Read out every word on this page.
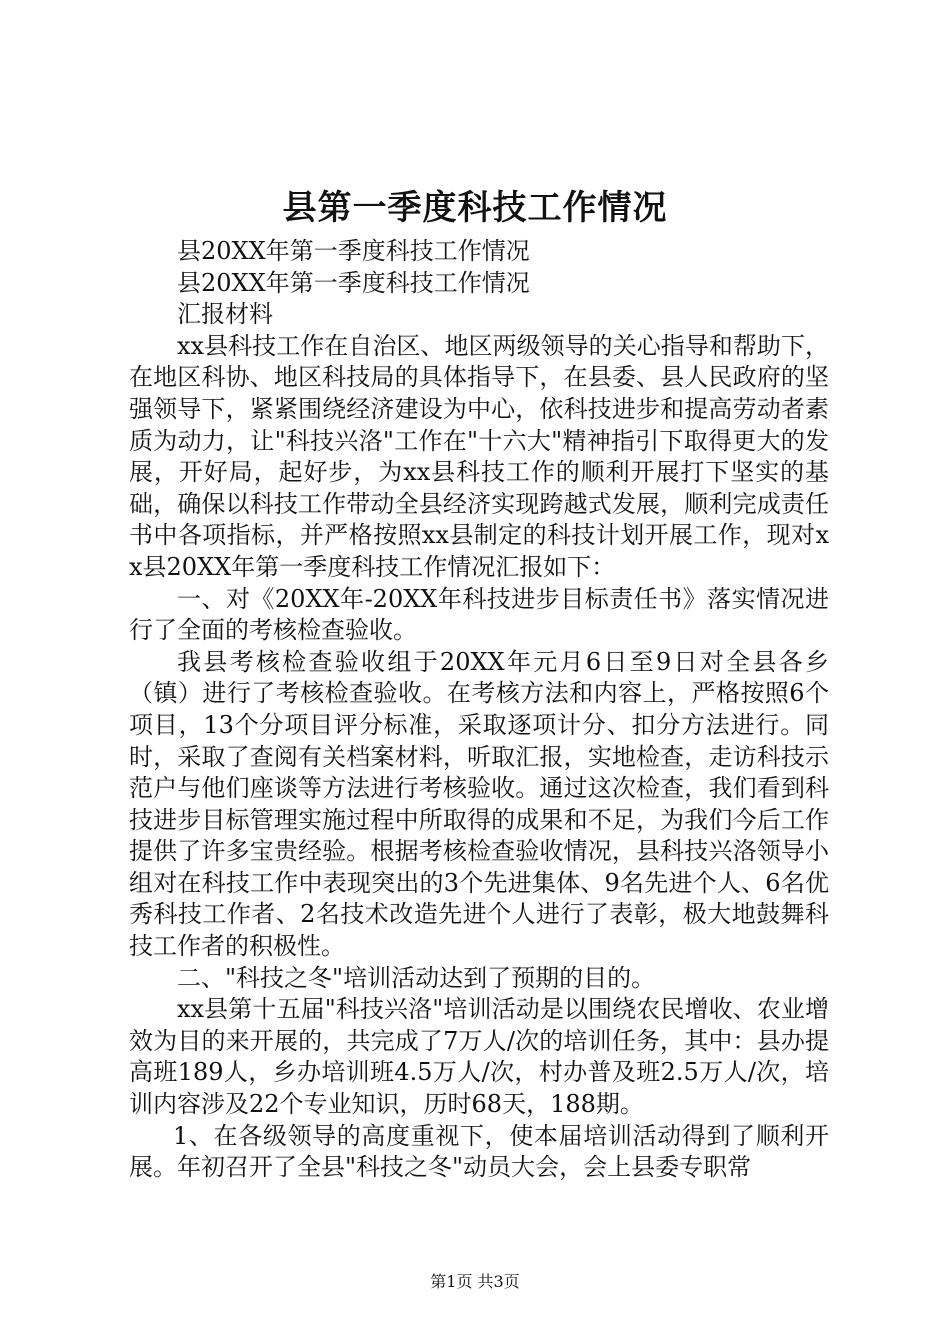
县第一季度科技工作情况

县20XX年第一季度科技工作情况

县20XX年第一季度科技工作情况

汇报材料

xx县科技工作在自治区、地区两级领导的关心指导和帮助下，在地区科协、地区科技局的具体指导下，在县委、县人民政府的坚强领导下，紧紧围绕经济建设为中心，依科技进步和提高劳动者素质为动力，让"科技兴洛"工作在"十六大"精神指引下取得更大的发展，开好局，起好步，为xx县科技工作的顺利开展打下坚实的基础，确保以科技工作带动全县经济实现跨越式发展，顺利完成责任书中各项指标，并严格按照xx县制定的科技计划开展工作，现对xx县20XX年第一季度科技工作情况汇报如下：

一、对《20XX年-20XX年科技进步目标责任书》落实情况进行了全面的考核检查验收。

我县考核检查验收组于20XX年元月6日至9日对全县各乡（镇）进行了考核检查验收。在考核方法和内容上，严格按照6个项目，13个分项目评分标准，采取逐项计分、扣分方法进行。同时，采取了查阅有关档案材料，听取汇报，实地检查，走访科技示范户与他们座谈等方法进行考核验收。通过这次检查，我们看到科技进步目标管理实施过程中所取得的成果和不足，为我们今后工作提供了许多宝贵经验。根据考核检查验收情况，县科技兴洛领导小组对在科技工作中表现突出的3个先进集体、9名先进个人、6名优秀科技工作者、2名技术改造先进个人进行了表彰，极大地鼓舞科技工作者的积极性。

二、"科技之冬"培训活动达到了预期的目的。

xx县第十五届"科技兴洛"培训活动是以围绕农民增收、农业增效为目的来开展的，共完成了7万人/次的培训任务，其中：县办提高班189人，乡办培训班4.5万人/次，村办普及班2.5万人/次，培训内容涉及22个专业知识，历时68天，188期。

1、在各级领导的高度重视下，使本届培训活动得到了顺利开展。年初召开了全县"科技之冬"动员大会，会上县委专职常

第1页 共3页
